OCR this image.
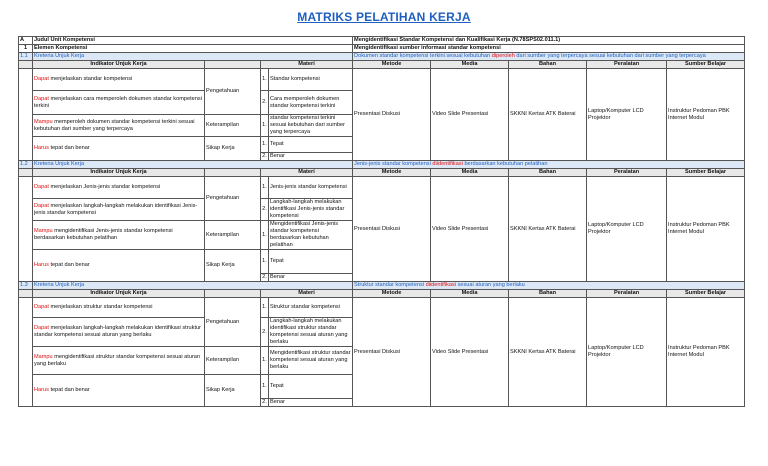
MATRIKS PELATIHAN KERJA
A	Judul Unit Kompetensi				Mengidentifikasi Standar Kompetensi dan Kualifikasi Kerja (N.78SPS02.011.1)				
1	Elemen Kompetensi				Mengidentifikasi sumber informasi standar kompetensi				
1.1	Kreteria Unjuk Kerja				Dokumen standar kompetensi terkini sesuai kebutuhan diperoleh dari sumber yang terpercaya sesuai kebutuhan dari sumber yang terpercaya				
	Indikator Unjuk Kerja		Materi		Metode	Media	Bahan	Peralatan	Sumber Belajar
	Dapat menjelaskan standar kompetensi	Pengetahuan	1.	Standar kompetensi	Presentasi Diskusi	Video Slide Presentasi	SKKNI Kertas ATK Baterai	Laptop/Komputer LCD Projektor	Instruktur Pedoman PBK Internet Modul
	Dapat menjelaskan cara memperoleh dokumen standar kompetensi terkini		2.	Cara memperoleh dokumen standar kompetensi terkini					
	Mampu memperoleh dokumen standar kompetensi terkini sesuai kebutuhan dari sumber yang terpercaya	Keterampilan	1.	standar kompetensi terkini sesuai kebutuhan dari sumber yang terpercaya					
	Harus tepat dan benar	Sikap Kerja	1.	Tepat					
			2.	Benar					
1.2	Kreteria Unjuk Kerja				Jenis-jenis standar kompetensi diidentifikasi berdasarkan kebutuhan pelatihan				
	Indikator Unjuk Kerja		Materi		Metode	Media	Bahan	Peralatan	Sumber Belajar
	Dapat menjelaskan Jenis-jenis standar kompetensi	Pengetahuan	1.	Jenis-jenis standar kompetensi	Presentasi Diskusi	Video Slide Presentasi	SKKNI Kertas ATK Baterai	Laptop/Komputer LCD Projektor	Instruktur Pedoman PBK Internet Modul
	Dapat menjelaskan langkah-langkah melakukan identifikasi Jenis-jenis standar kompetensi		2.	Langkah-langkah melakukan identifikasi Jenis-jenis standar kompetensi					
	Mampu mengidentifikasi Jenis-jenis standar kompetensi berdasarkan kebutuhan pelatihan	Keterampilan	1.	Mengidentifikasi Jenis-jenis standar kompetensi berdasarkan kebutuhan pelatihan					
	Harus tepat dan benar	Sikap Kerja	1.	Tepat					
			2.	Benar					
1.3	Kreteria Unjuk Kerja				Struktur standar kompetensi diidentifikasi sesuai aturan yang berlaku				
	Indikator Unjuk Kerja		Materi		Metode	Media	Bahan	Peralatan	Sumber Belajar
	Dapat menjelaskan struktur standar kompetensi	Pengetahuan	1.	Struktur standar kompetensi	Presentasi Diskusi	Video Slide Presentasi	SKKNI Kertas ATK Baterai	Laptop/Komputer LCD Projektor	Instruktur Pedoman PBK Internet Modul
	Dapat menjelaskan langkah-langkah melakukan identifikasi struktur standar kompetensi sesuai aturan yang berlaku		2.	Langkah-langkah melakukan identifikasi struktur standar kompetensi sesuai aturan yang berlaku					
	Mampu mengidentifikasi struktur standar kompetensi sesuai aturan yang berlaku	Keterampilan	1.	Mengidentifikasi struktur standar kompetensi sesuai aturan yang berlaku					
	Harus tepat dan benar	Sikap Kerja	1.	Tepat					
			2.	Benar					
